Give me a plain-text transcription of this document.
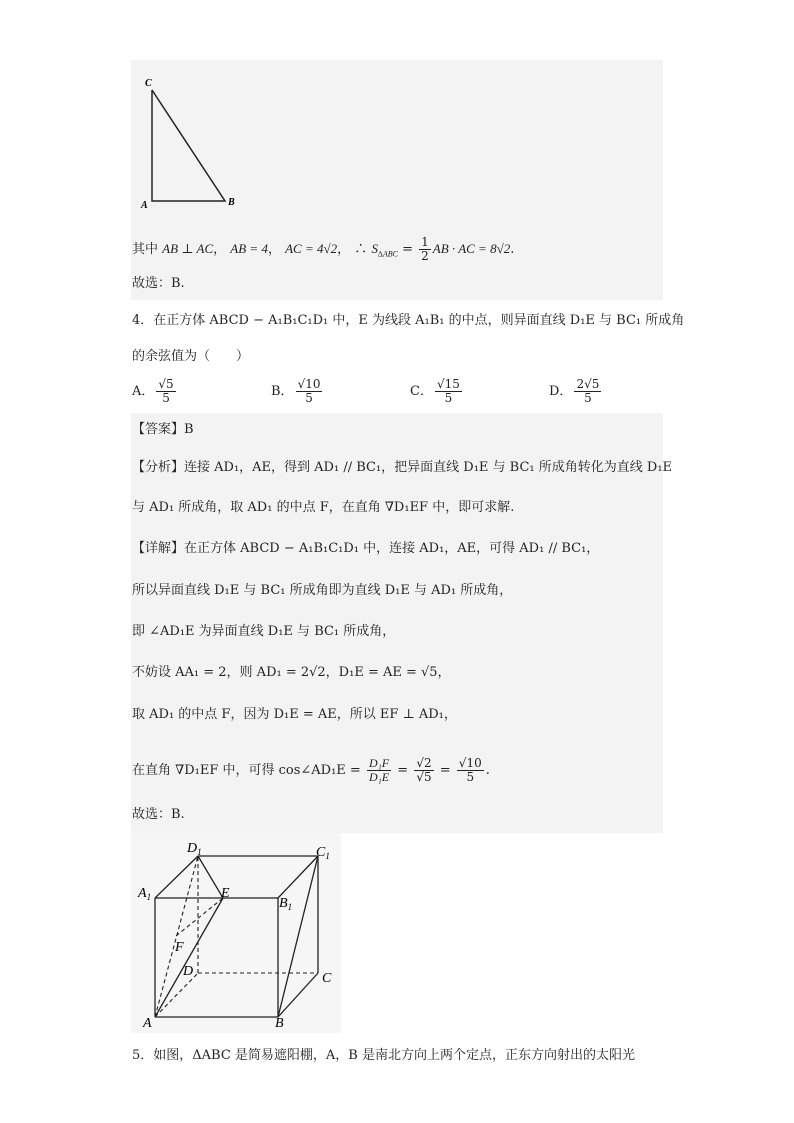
C
A	B
其中 AB ⊥ AC， AB = 4， AC = 4√2， ∴ $S_{\Delta ABC} = \frac{1}{2}$ AB · AC = 8√2.
故选：B.
4．在正方体 ABCD − A₁B₁C₁D₁ 中，E 为线段 A₁B₁ 的中点，则异面直线 D₁E 与 BC₁ 所成角
的余弦值为（　　）
A． $\frac{√5}{5}$	B． $\frac{√10}{5}$	C． $\frac{√15}{5}$	D． $\frac{2√5}{5}$
【答案】B
【分析】连接 AD₁，AE，得到 AD₁ // BC₁，把异面直线 D₁E 与 BC₁ 所成角转化为直线 D₁E
与 AD₁ 所成角，取 AD₁ 的中点 F，在直角 ∇D₁EF 中，即可求解.
【详解】在正方体 ABCD − A₁B₁C₁D₁ 中，连接 AD₁，AE，可得 AD₁ // BC₁，
所以异面直线 D₁E 与 BC₁ 所成角即为直线 D₁E 与 AD₁ 所成角，
即 ∠AD₁E 为异面直线 D₁E 与 BC₁ 所成角，
不妨设 AA₁ = 2，则 AD₁ = 2√2，D₁E = AE = √5，
取 AD₁ 的中点 F，因为 D₁E = AE，所以 EF ⊥ AD₁，
在直角 ∇D₁EF 中，可得 cos∠AD₁E = $\frac{\text{D₁F}}{\text{D₁E}} = \frac{√2}{√5} = \frac{√10}{5}$ .
故选：B.
$D_1$	$C_1$
$A_1$	E
$B_1$
F
D	C
A	B
5．如图，ΔABC 是简易遮阳棚，A，B 是南北方向上两个定点，正东方向射出的太阳光
